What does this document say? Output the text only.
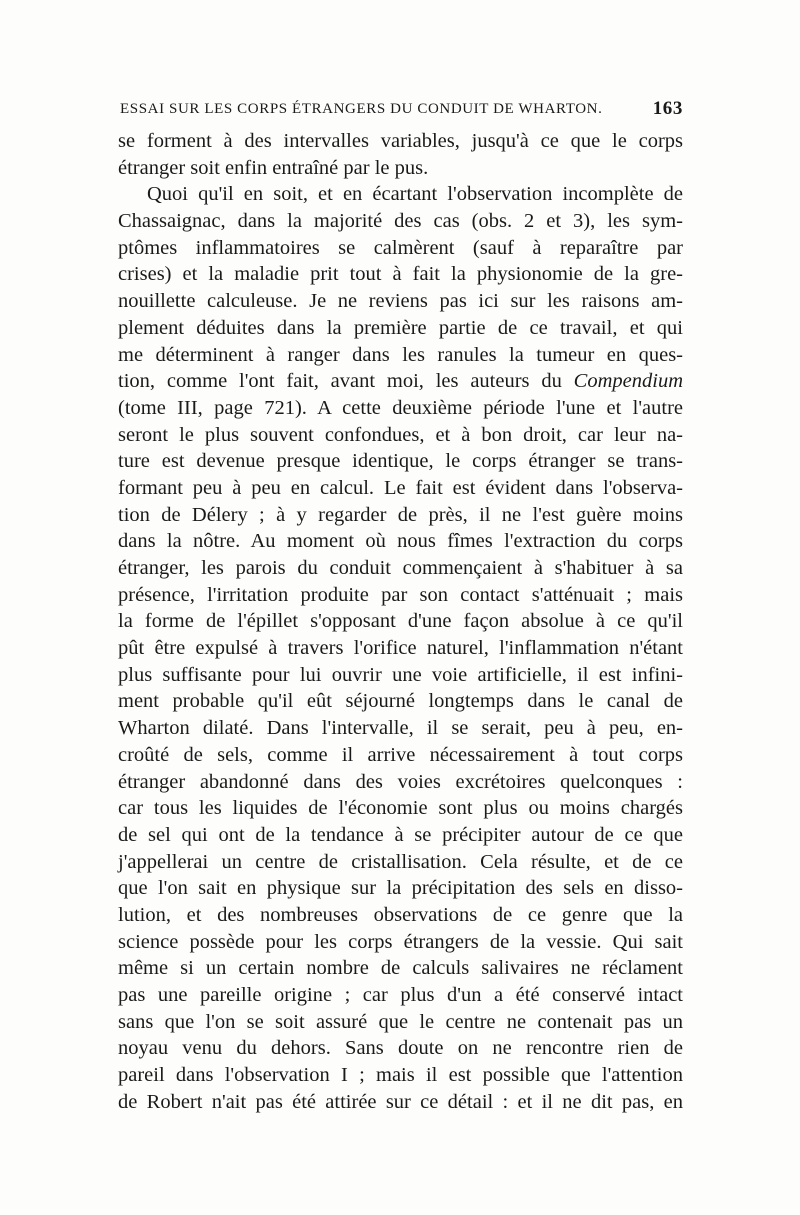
ESSAI SUR LES CORPS ÉTRANGERS DU CONDUIT DE WHARTON.	163
se forment à des intervalles variables, jusqu'à ce que le corps
étranger soit enfin entraîné par le pus.
Quoi qu'il en soit, et en écartant l'observation incomplète de
Chassaignac, dans la majorité des cas (obs. 2 et 3), les sym-
ptômes inflammatoires se calmèrent (sauf à reparaître par
crises) et la maladie prit tout à fait la physionomie de la gre-
nouillette calculeuse. Je ne reviens pas ici sur les raisons am-
plement déduites dans la première partie de ce travail, et qui
me déterminent à ranger dans les ranules la tumeur en ques-
tion, comme l'ont fait, avant moi, les auteurs du Compendium
(tome III, page 721). A cette deuxième période l'une et l'autre
seront le plus souvent confondues, et à bon droit, car leur na-
ture est devenue presque identique, le corps étranger se trans-
formant peu à peu en calcul. Le fait est évident dans l'observa-
tion de Délery ; à y regarder de près, il ne l'est guère moins
dans la nôtre. Au moment où nous fîmes l'extraction du corps
étranger, les parois du conduit commençaient à s'habituer à sa
présence, l'irritation produite par son contact s'atténuait ; mais
la forme de l'épillet s'opposant d'une façon absolue à ce qu'il
pût être expulsé à travers l'orifice naturel, l'inflammation n'étant
plus suffisante pour lui ouvrir une voie artificielle, il est infini-
ment probable qu'il eût séjourné longtemps dans le canal de
Wharton dilaté. Dans l'intervalle, il se serait, peu à peu, en-
croûté de sels, comme il arrive nécessairement à tout corps
étranger abandonné dans des voies excrétoires quelconques :
car tous les liquides de l'économie sont plus ou moins chargés
de sel qui ont de la tendance à se précipiter autour de ce que
j'appellerai un centre de cristallisation. Cela résulte, et de ce
que l'on sait en physique sur la précipitation des sels en disso-
lution, et des nombreuses observations de ce genre que la
science possède pour les corps étrangers de la vessie. Qui sait
même si un certain nombre de calculs salivaires ne réclament
pas une pareille origine ; car plus d'un a été conservé intact
sans que l'on se soit assuré que le centre ne contenait pas un
noyau venu du dehors. Sans doute on ne rencontre rien de
pareil dans l'observation I ; mais il est possible que l'attention
de Robert n'ait pas été attirée sur ce détail : et il ne dit pas, en
